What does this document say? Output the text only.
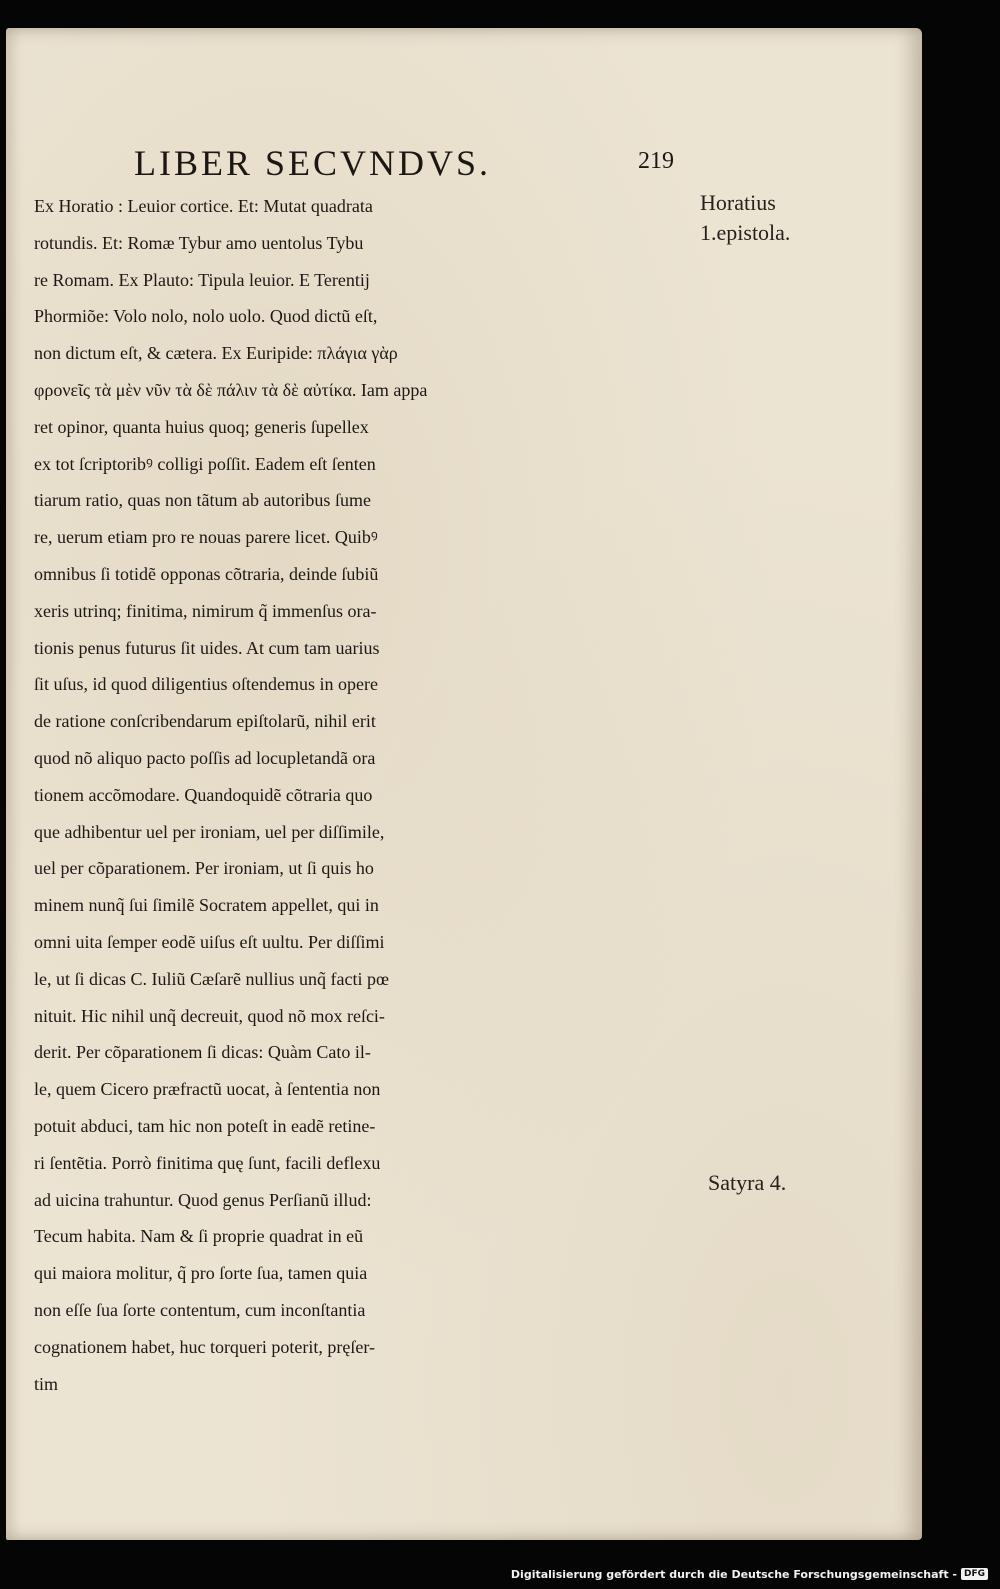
LIBER SECVNDVS.	219
Ex Horatio : Leuior cortice. Et: Mutat quadrata
rotundis. Et: Romæ Tybur amo uentolus Tybu
re Romam. Ex Plauto: Tipula leuior. E Terentij
Phormiõe: Volo nolo, nolo uolo. Quod dictũ eſt,
non dictum eſt, & cætera. Ex Euripide: πλάγια γὰρ
φρονεῖς τὰ μὲν νῦν τὰ δὲ πάλιν τὰ δὲ αὐτίκα. Iam appa
ret opinor, quanta huius quoq; generis ſupellex
ex tot ſcriptoribꝰ colligi poſſit. Eadem eſt ſenten
tiarum ratio, quas non tãtum ab autoribus ſume
re, uerum etiam pro re nouas parere licet. Quibꝰ
omnibus ſi totidẽ opponas cõtraria, deinde ſubiũ
xeris utrinq; finitima, nimirum q̃ immenſus ora-
tionis penus futurus ſit uides. At cum tam uarius
ſit uſus, id quod diligentius oſtendemus in opere
de ratione conſcribendarum epiſtolarũ, nihil erit
quod nõ aliquo pacto poſſis ad locupletandã ora
tionem accõmodare. Quandoquidẽ cõtraria quo
que adhibentur uel per ironiam, uel per diſſimile,
uel per cõparationem. Per ironiam, ut ſi quis ho
minem nunq̃ ſui ſimilẽ Socratem appellet, qui in
omni uita ſemper eodẽ uiſus eſt uultu. Per diſſimi
le, ut ſi dicas C. Iuliũ Cæſarẽ nullius unq̃ facti pœ
nituit. Hic nihil unq̃ decreuit, quod nõ mox reſci-
derit. Per cõparationem ſi dicas: Quàm Cato il-
le, quem Cicero præfractũ uocat, à ſententia non
potuit abduci, tam hic non poteſt in eadẽ retine-
ri ſentẽtia. Porrò finitima quę ſunt, facili deflexu
ad uicina trahuntur. Quod genus Perſianũ illud:
Tecum habita. Nam & ſi proprie quadrat in eũ
qui maiora molitur, q̃ pro ſorte ſua, tamen quia
non eſſe ſua ſorte contentum, cum inconſtantia
cognationem habet, huc torqueri poterit, pręſer-
tim
Horatius
1.epistola.
Satyra 4.
Digitalisierung gefördert durch die Deutsche Forschungsgemeinschaft - DFG
